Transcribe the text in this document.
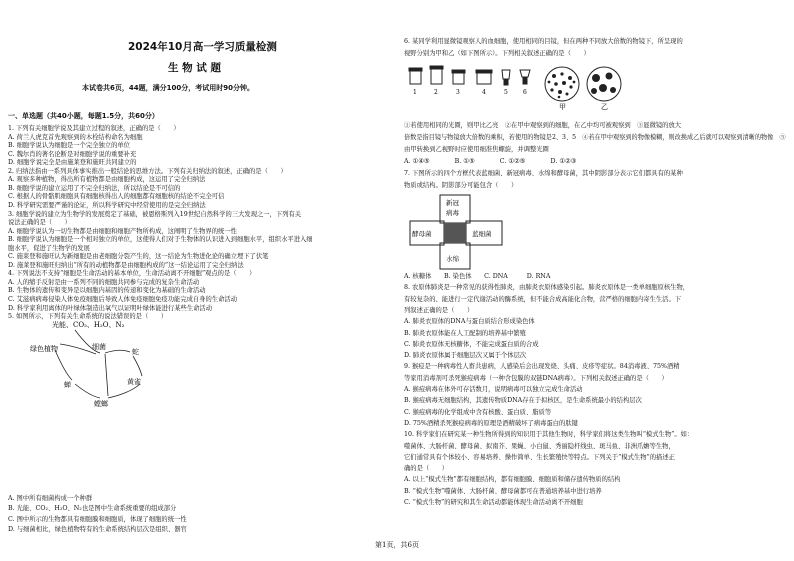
2024年10月高一学习质量检测
生 物 试 题
本试卷共6页，44题，满分100分，考试用时90分钟。
一、单选题（共40小题，每题1.5分，共60分）
1. 下列有关细胞学说及其建立过程的叙述，正确的是（　　）
A. 荷兰人虎克首先观察到的木栓结构命名为细胞
B. 细胞学说认为细胞是一个完全独立的单位
C. 魏尔肖的著名论断是对细胞学说的重要补充
D. 细胞学说完全是由施莱登和施旺共同建立的
2. 归纳法指由一系列具体事实推出一般结论的思维方法。下列有关归纳法的叙述，正确的是（　　）
A. 观察多种植物，得出所有植物都是由细胞构成，这运用了完全归纳法
B. 细胞学说的建立运用了不完全归纳法，所以结论是不可信的
C. 根据人的骨骼肌细胞具有细胞核得出人的细胞都有细胞核的结论不完全可信
D. 科学研究需要严谨的论证，所以科学研究中经常使用的是完全归纳法
3. 细胞学说的建立为生物学的发展奠定了基础，被恩格斯列入19世纪自然科学的三大发现之一，下列有关
说法正确的是（　　）
A. 细胞学说认为一切生物都是由细胞和细胞产物所构成，这阐明了生物界的统一性
B. 细胞学说认为细胞是一个相对独立的单位，这使得人们对于生物体的认识进入到细胞水平，组织水平进入细
胞水平，促进了生物学的发展
C. 施莱登和施旺认为新细胞是由老细胞分裂产生的，这一结论为生物进化论的确立埋下了伏笔
D. 施莱登和施旺归纳出“所有的动植物都是由细胞构成的”这一结论运用了完全归纳法
4. 下列说法不支持“细胞是生命活动的基本单位，生命活动离不开细胞”观点的是（　　）
A. 人的缩手反射是由一系列不同的细胞共同参与完成的复杂生命活动
B. 生物体的遗传和变异是以细胞内基因的传递和变化为基础的生命活动
C. 艾滋病病毒侵染人体免疫细胞后导致人体免疫细胞免疫功能完成自身的生命活动
D. 科学家利用离体的叶绿体制造出氧气以证明叶绿体能进行某些生命活动
5. 如图所示，下列有关生命系统的说法错误的是（　　）
光能、CO₂、H₂O、N₂
绿色植物	细菌
蛇
黄雀
蝉
螳螂
A. 图中所有细菌构成一个种群
B. 光能、CO₂、H₂O、N₂也是图中生命系统重要的组成部分
C. 图中所示的生物都具有细胞膜和细胞质，体现了细胞的统一性
D. 与细菌相比，绿色植物特有的生命系统结构层次是组织、器官
6. 某同学利用显微镜观察人的血细胞，使用相同的目镜，但在两种不同放大倍数的物镜下，所呈现的
视野分别为甲和乙（如下图所示）。下列相关叙述正确的是（　　）
1	2	3	4	5	6
甲	乙
①若使用相同的光圈，则甲比乙亮　②在甲中观察到的细胞，在乙中均可被观察到　③显微镜的放大
倍数是指目镜与物镜放大倍数的乘积，若使用的物镜是2、3、5　④若在甲中观察到的物像模糊，则改换成乙后就可以观察到清晰的物像　⑤
由甲转换到乙视野时应使用细准焦螺旋，并调整光圈
A. ①④⑤　　　　B. ①⑤　　　　C. ①②⑤　　　　D. ①②③
7. 下图所示的四个方框代表蓝细菌、新冠病毒、水绵和酵母菌，其中阴影部分表示它们都具有的某种
物质或结构。阴影部分可能包含（　　）
新冠
病毒
酵母菌	蓝细菌
水绵
A. 核糖体　　B. 染色体　　C. DNA　　　D. RNA
8. 农原体肺炎是一种常见的获得性肺炎，由肺炎衣原体感染引起。肺炎衣原体是一类单细胞原核生物，
有较复杂的、能进行一定代谢活动的酶系统，但不能合成高能化合物，营严格的细胞内寄生生活。下
列叙述正确的是（　　）
A. 肺炎衣原体的DNA与蛋白质结合形成染色体
B. 肺炎衣原体能在人工配制的培养基中繁殖
C. 肺炎衣原体无核糖体，不能完成蛋白质的合成
D. 肺炎衣原体属于细胞层次又属于个体层次
9. 猴痘是一种病毒性人畜共患病，人感染后会出现发烧、头痛、皮疹等症状。84消毒液、75%酒精
等家用消毒剂可杀死猴痘病毒（一种含包膜的双链DNA病毒）。下列相关叙述正确的是（　　）
A. 猴痘病毒在体外可存活数月，说明病毒可以独立完成生命活动
B. 猴痘病毒无细胞结构，其遗传物质DNA存在于拟核区，是生命系统最小的结构层次
C. 猴痘病毒的化学组成中含有核酸、蛋白质、脂质等
D. 75%酒精杀死猴痘病毒的原理是酒精破坏了病毒蛋白的肽键
10. 科学家们在研究某一种生物所得到的知识用于其他生物时，科学家们将这类生物叫“模式生物”。如：
噬菌体、大肠杆菌、酵母菌、拟南芥、果蝇、小白鼠、秀丽隐杆线虫、斑马鱼、非洲爪蟾等生物，
它们通常具有个体较小、容易培养、操作简单、生长繁殖快等特点。下列关于“模式生物”的描述正
确的是（　　）
A. 以上“模式生物”都有细胞结构，都有细胞膜、细胞质和储存遗传物质的结构
B. “模式生物”噬菌体、大肠杆菌、酵母菌都可在普通培养基中进行培养
C. “模式生物”的研究和其生命活动都能体现生命活动离不开细胞
第1页，共6页
